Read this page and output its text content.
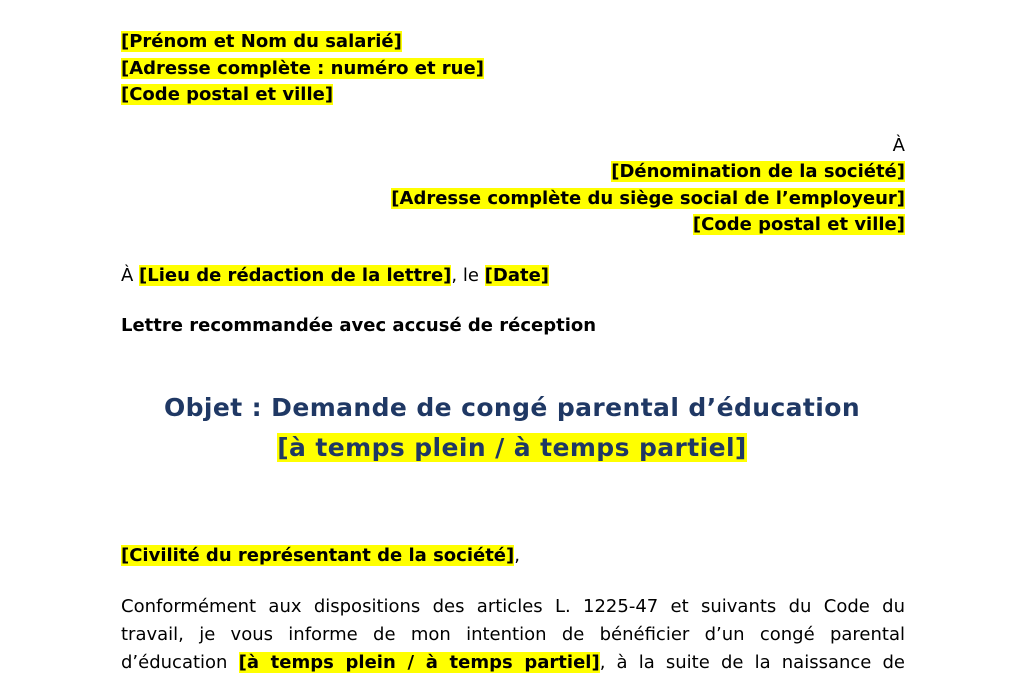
[Prénom et Nom du salarié]
[Adresse complète : numéro et rue]
[Code postal et ville]
À
[Dénomination de la société]
[Adresse complète du siège social de l’employeur]
[Code postal et ville]
À [Lieu de rédaction de la lettre], le [Date]
Lettre recommandée avec accusé de réception
Objet : Demande de congé parental d’éducation
[à temps plein / à temps partiel]
[Civilité du représentant de la société],
Conformément aux dispositions des articles L. 1225-47 et suivants du Code du
travail, je vous informe de mon intention de bénéficier d’un congé parental
d’éducation [à temps plein / à temps partiel], à la suite de la naissance de
